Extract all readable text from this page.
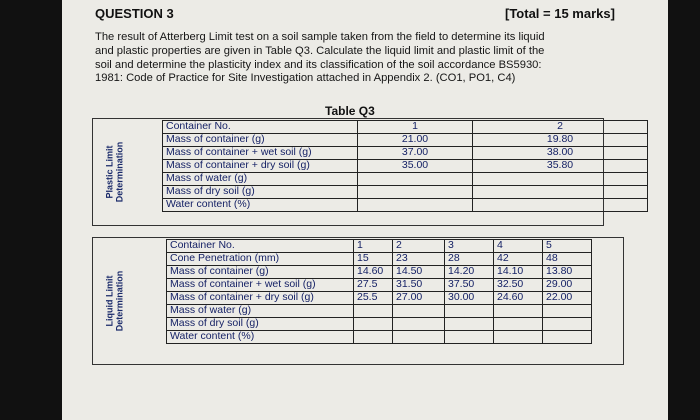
QUESTION 3	[Total = 15 marks]

The result of Atterberg Limit test on a soil sample taken from the field to determine its liquid
and plastic properties are given in Table Q3. Calculate the liquid limit and plastic limit of the
soil and determine the plasticity index and its classification of the soil accordance BS5930:
1981: Code of Practice for Site Investigation attached in Appendix 2. (CO1, PO1, C4)

Table Q3
Plastic Limit
Determination
Container No.	1	2
Mass of container (g)	21.00	19.80
Mass of container + wet soil (g)	37.00	38.00
Mass of container + dry soil (g)	35.00	35.80
Mass of water (g)		
Mass of dry soil (g)		
Water content (%)		
Liquid Limit
Determination
Container No.	1	2	3	4	5
Cone Penetration (mm)	15	23	28	42	48
Mass of container (g)	14.60	14.50	14.20	14.10	13.80
Mass of container + wet soil (g)	27.5	31.50	37.50	32.50	29.00
Mass of container + dry soil (g)	25.5	27.00	30.00	24.60	22.00
Mass of water (g)					
Mass of dry soil (g)					
Water content (%)					
